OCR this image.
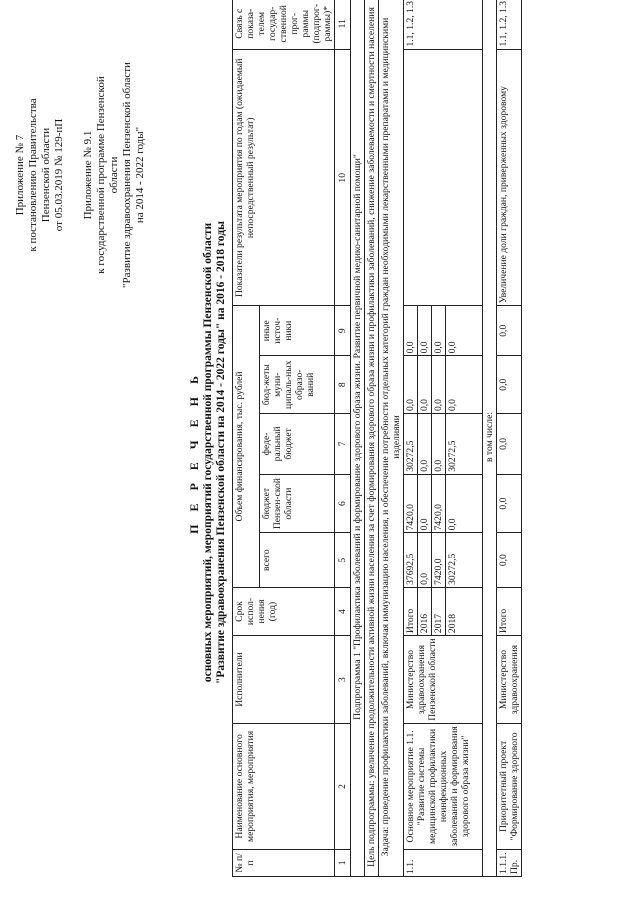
Приложение № 7 к постановлению Правительства Пензенской области от 05.03.2019 № 129-пП Приложение № 9.1 к государственной программе Пензенской области "Развитие здравоохранения Пензенской области на 2014 - 2022 годы"
П Е Р Е Ч Е Н Ь основных мероприятий, мероприятий государственной программы Пензенской области "Развитие здравоохранения Пензенской области на 2014 - 2022 годы" на 2016 - 2018 годы
№ п/п	Наименование основного мероприятия, мероприятия	Исполнители	Срок испол-нения (год)	Объем финансирования, тыс. рублей					Показатели результата мероприятия по годам (ожидаемый непосредственный результат)	Связь с показа-телем государ-ственной прог-раммы (подпрог-раммы)*
				всего	бюджет Пензен-ской области	феде-ральный бюджет	бюд-жеты муни-ципаль-ных образо-ваний	иные источ-ники		
1	2	3	4	5	6	7	8	9	10	11
Подпрограмма 1 "Профилактика заболеваний и формирование здорового образа жизни. Развитие первичной медико-санитарной помощи"										
Цель подпрограммы: увеличение продолжительности активной жизни населения за счет формирования здорового образа жизни и профилактики заболеваний, снижение заболеваемости и смертности населения										
Задача: проведение профилактики заболеваний, включая иммунизацию населения, и обеспечение потребности отдельных категорий граждан необходимыми лекарственными препаратами и медицинскими изделиями										
1.1.	Основное мероприятие 1.1. "Развитие системы медицинской профилактики неинфекционных заболеваний и формирования здорового образа жизни"	Министерство здравоохранения Пензенской области	Итого	37692,5	7420,0	30272,5	0,0	0,0		1.1, 1.2, 1.3
			2016	0,0	0,0	0,0	0,0	0,0		
			2017	7420,0	7420,0	0,0	0,0	0,0		
			2018	30272,5	0,0	30272,5	0,0	0,0		
в том числе:										
1.1.1. Пр.	Приоритетный проект "Формирование здорового	Министерство здравоохранения	Итого	0,0	0,0	0,0	0,0	0,0	Увеличение доли граждан, приверженных здоровому	1.1, 1.2, 1.3
